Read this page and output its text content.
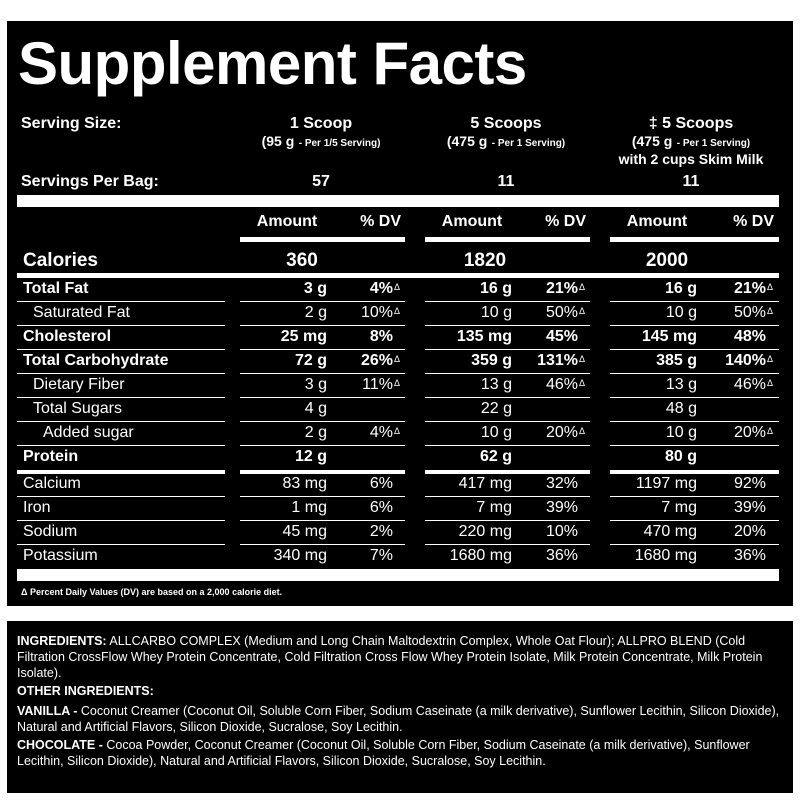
Supplement Facts
Serving Size:	1 Scoop
(95 g - Per 1/5 Serving)
5 Scoops
(475 g - Per 1 Serving)
‡ 5 Scoops
(475 g - Per 1 Serving)
with 2 cups Skim Milk
Servings Per Bag:	57	11	11
Amount	% DV	Amount	% DV	Amount	% DV
Calories	360	1820	2000
Total Fat	3 g	4% Δ	16 g 21% Δ	16 g 21% Δ
Saturated Fat	2 g 10% Δ	10 g 50% Δ	10 g 50% Δ
Cholesterol	25 mg	8%	135 mg 45%	145 mg 48%
Total Carbohydrate	72 g 26% Δ	359 g 131% Δ	385 g 140% Δ
Dietary Fiber	3 g 11% Δ	13 g 46% Δ	13 g 46% Δ
Total Sugars	4 g	22 g	48 g
Added sugar	2 g	4% Δ	10 g 20% Δ	10 g 20% Δ
Protein	12 g	62 g	80 g
Calcium	83 mg	6%	417 mg 32%	1197 mg 92%
Iron	1 mg	6%	7 mg 39%	7 mg 39%
Sodium	45 mg	2%	220 mg 10%	470 mg 20%
Potassium	340 mg	7%	1680 mg 36%	1680 mg 36%
Δ Percent Daily Values (DV) are based on a 2,000 calorie diet.
INGREDIENTS: ALLCARBO COMPLEX (Medium and Long Chain Maltodextrin Complex, Whole Oat Flour); ALLPRO BLEND (Cold Filtration CrossFlow Whey Protein Concentrate, Cold Filtration Cross Flow Whey Protein Isolate, Milk Protein Concentrate, Milk Protein Isolate).
OTHER INGREDIENTS:
VANILLA - Coconut Creamer (Coconut Oil, Soluble Corn Fiber, Sodium Caseinate (a milk derivative), Sunflower Lecithin, Silicon Dioxide), Natural and Artificial Flavors, Silicon Dioxide, Sucralose, Soy Lecithin.
CHOCOLATE - Cocoa Powder, Coconut Creamer (Coconut Oil, Soluble Corn Fiber, Sodium Caseinate (a milk derivative), Sunflower Lecithin, Silicon Dioxide), Natural and Artificial Flavors, Silicon Dioxide, Sucralose, Soy Lecithin.
